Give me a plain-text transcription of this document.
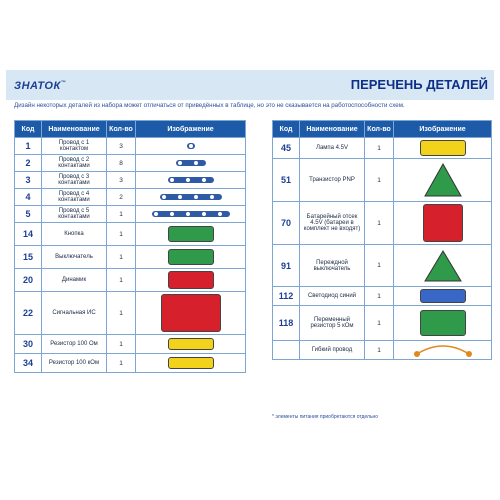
ЗНАТОК™	ПЕРЕЧЕНЬ ДЕТАЛЕЙ
Дизайн некоторых деталей из набора может отличаться от приведённых в таблице, но это не сказывается на работоспособности схем.
Код	Наименование	Кол-во	Изображение
1	Провод с 1 контактом	3	

2	Провод с 2 контактами	8	

3	Провод с 3 контактами	3	

4	Провод с 4 контактами	2	

5	Провод с 5 контактами	1	

14	Кнопка	1	

15	Выключатель	1	

20	Динамик	1	

22	Сигнальная ИС	1	

30	Резистор 100 Ом	1	

34	Резистор 100 кОм	1	
Код	Наименование	Кол-во	Изображение
45	Лампа 4.5V	1	

51	Транзистор PNP	1	

70	Батарейный отсек 4.5V (батареи в комплект не входят)	1	

91	Переждной выключатель	1	

112	Светодиод синий	1	

118	Переменный резистор 5 кОм	1	

	Гибкий провод	1	
* элементы питания приобретаются отдельно
